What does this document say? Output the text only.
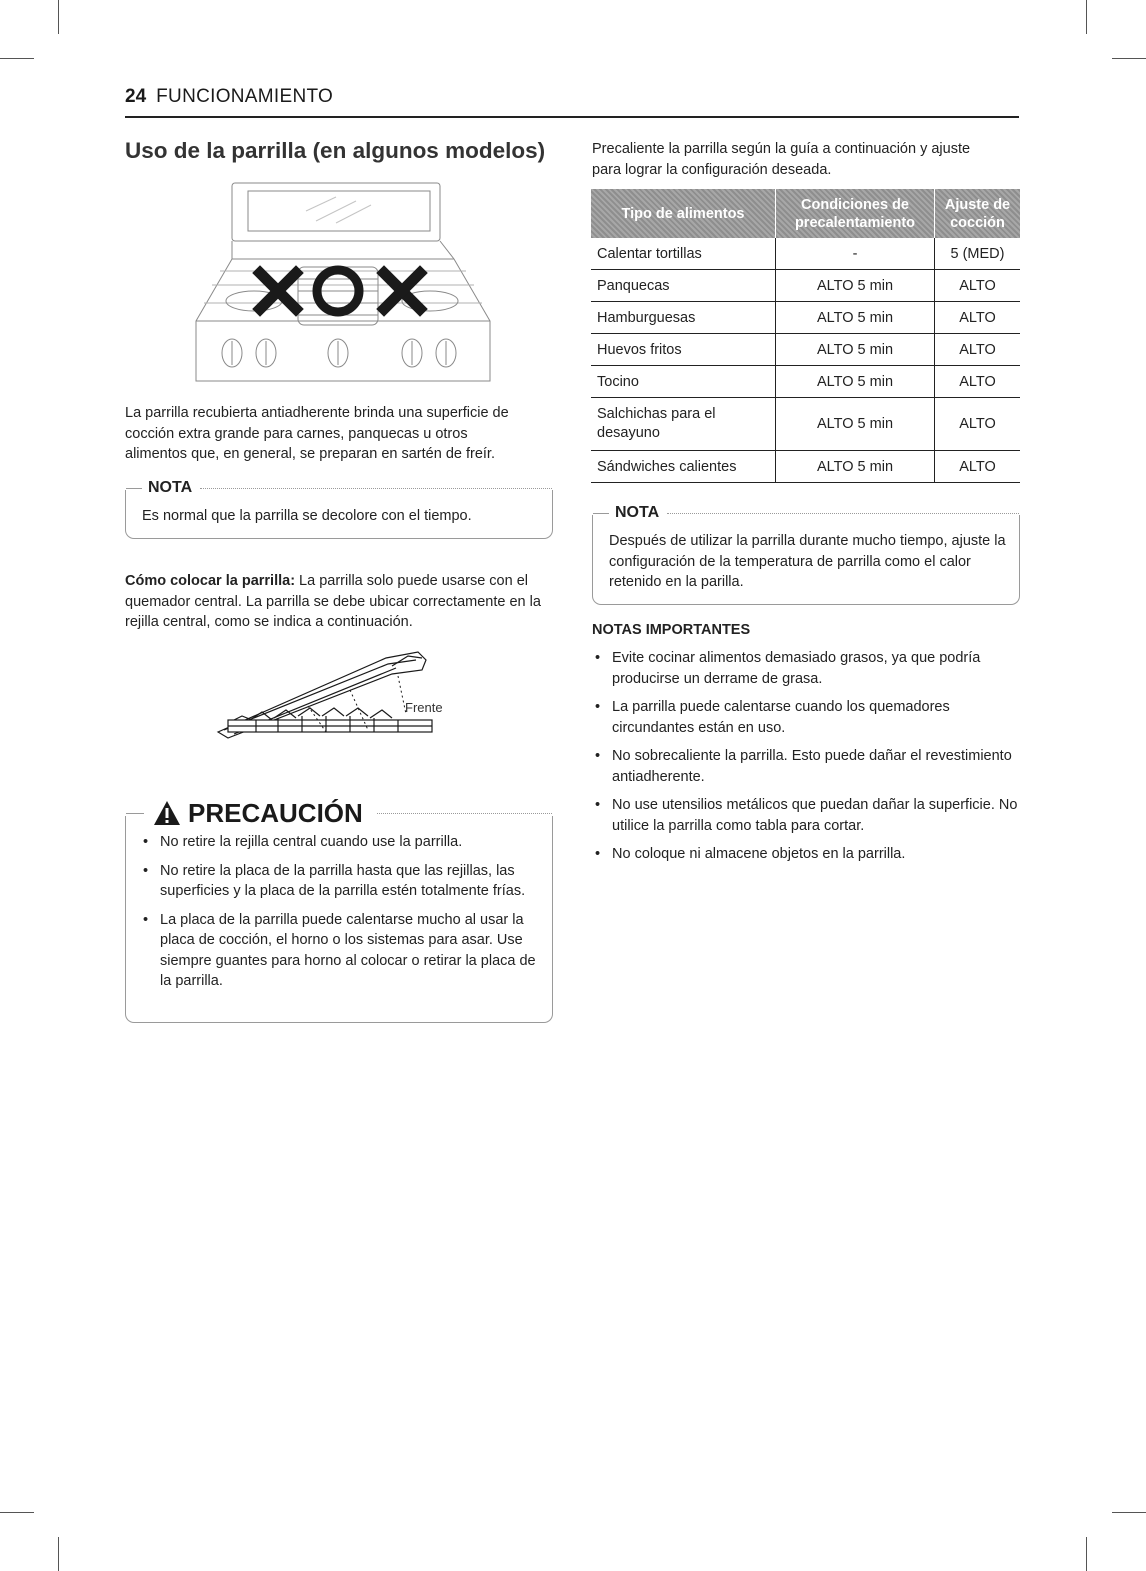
24 FUNCIONAMIENTO
Uso de la parrilla (en algunos modelos)

La parrilla recubierta antiadherente brinda una superficie de cocción extra grande para carnes, panquecas u otros alimentos que, en general, se preparan en sartén de freír.

NOTA
Es normal que la parrilla se decolore con el tiempo.

Cómo colocar la parrilla: La parrilla solo puede usarse con el quemador central. La parrilla se debe ubicar correctamente en la rejilla central, como se indica a continuación.

Frente
PRECAUCIÓN
• No retire la rejilla central cuando use la parrilla.
• No retire la placa de la parrilla hasta que las rejillas, las superficies y la placa de la parrilla estén totalmente frías.
• La placa de la parrilla puede calentarse mucho al usar la placa de cocción, el horno o los sistemas para asar. Use siempre guantes para horno al colocar o retirar la placa de la parrilla.

Precaliente la parrilla según la guía a continuación y ajuste para lograr la configuración deseada.

Tipo de alimentos	Condiciones de precalentamiento	Ajuste de cocción
Calentar tortillas	-	5 (MED)
Panquecas	ALTO 5 min	ALTO
Hamburguesas	ALTO 5 min	ALTO
Huevos fritos	ALTO 5 min	ALTO
Tocino	ALTO 5 min	ALTO
Salchichas para el desayuno	ALTO 5 min	ALTO
Sándwiches calientes	ALTO 5 min	ALTO
NOTA
Después de utilizar la parrilla durante mucho tiempo, ajuste la configuración de la temperatura de parrilla como el calor retenido en la parilla.
NOTAS IMPORTANTES
• Evite cocinar alimentos demasiado grasos, ya que podría producirse un derrame de grasa.
• La parrilla puede calentarse cuando los quemadores circundantes están en uso.
• No sobrecaliente la parrilla. Esto puede dañar el revestimiento antiadherente.
• No use utensilios metálicos que puedan dañar la superficie. No utilice la parrilla como tabla para cortar.
• No coloque ni almacene objetos en la parrilla.
